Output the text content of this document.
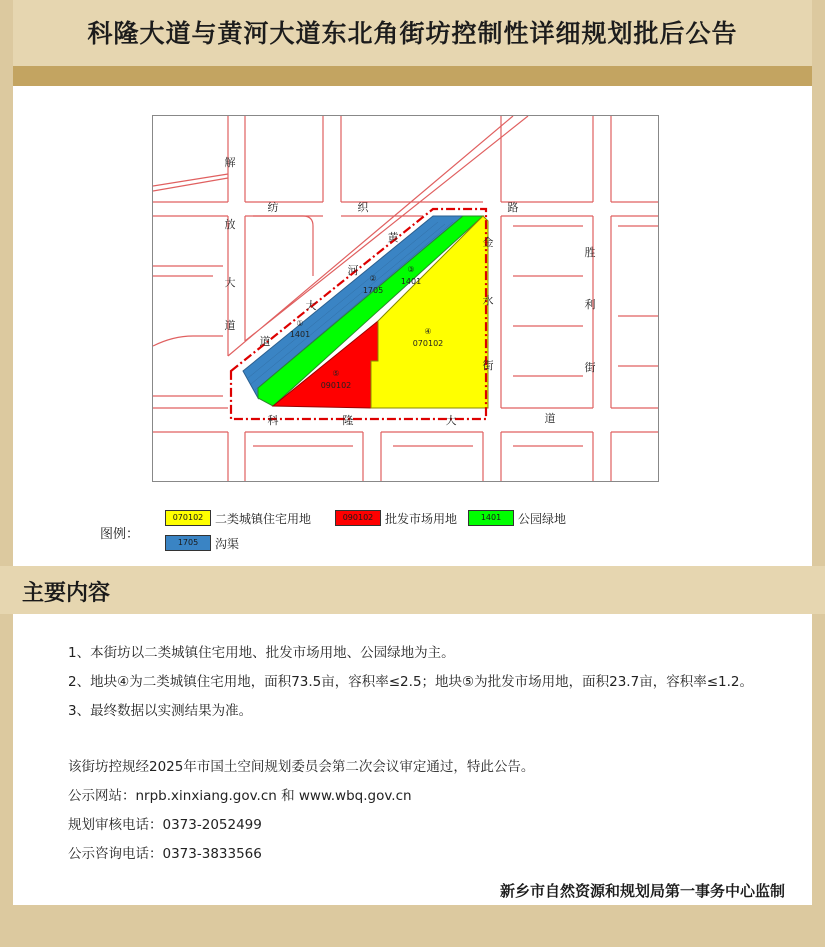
科隆大道与黄河大道东北角街坊控制性详细规划批后公告
①
1401
②
1705
③
1401
④
070102
⑤
090102
解
放
大
道
纺	织	路
黄
河
大
道
金
水
街
胜
利
街
科	隆	大	道
图例：
070102 二类城镇住宅用地	090102 批发市场用地	1401	公园绿地
1705	沟渠
主要内容
1、本街坊以二类城镇住宅用地、批发市场用地、公园绿地为主。
2、地块④为二类城镇住宅用地，面积73.5亩，容积率≤2.5；地块⑤为批发市场用地，面积23.7亩，容积率≤1.2。
3、最终数据以实测结果为准。
该街坊控规经2025年市国土空间规划委员会第二次会议审定通过，特此公告。
公示网站：nrpb.xinxiang.gov.cn 和 www.wbq.gov.cn
规划审核电话：0373-2052499
公示咨询电话：0373-3833566
新乡市自然资源和规划局第一事务中心监制
